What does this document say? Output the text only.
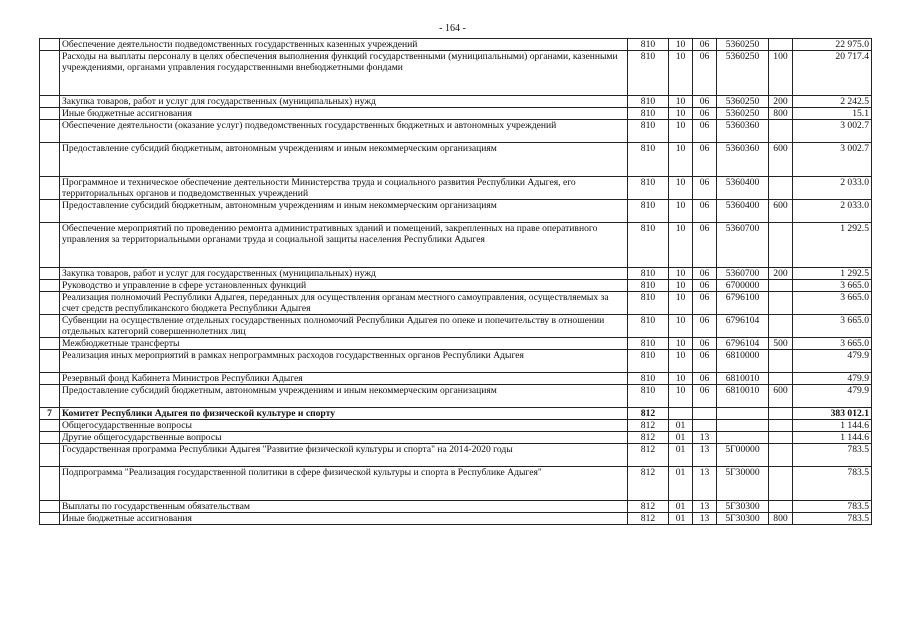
- 164 -
	Обеспечение деятельности подведомственных государственных казенных учреждений	810	10	06	5360250		22 975.0
	Расходы на выплаты персоналу в целях обеспечения выполнения функций государственными (муниципальными) органами, казенными учреждениями, органами управления государственными внебюджетными фондами	810	10	06	5360250	100	20 717.4
	Закупка товаров, работ и услуг для государственных (муниципальных) нужд	810	10	06	5360250	200	2 242.5
	Иные бюджетные ассигнования	810	10	06	5360250	800	15.1
	Обеспечение деятельности (оказание услуг) подведомственных государственных бюджетных и автономных учреждений	810	10	06	5360360		3 002.7
	Предоставление субсидий бюджетным, автономным учреждениям и иным некоммерческим организациям	810	10	06	5360360	600	3 002.7
	Программное и техническое обеспечение деятельности Министерства труда и социального развития Республики Адыгея, его территориальных органов и подведомственных учреждений	810	10	06	5360400		2 033.0
	Предоставление субсидий бюджетным, автономным учреждениям и иным некоммерческим организациям	810	10	06	5360400	600	2 033.0
	Обеспечение мероприятий по проведению ремонта административных зданий и помещений, закрепленных на праве оперативного управления за территориальными органами труда и социальной защиты населения Республики Адыгея	810	10	06	5360700		1 292.5
	Закупка товаров, работ и услуг для государственных (муниципальных) нужд	810	10	06	5360700	200	1 292.5
	Руководство и управление в сфере установленных функций	810	10	06	6700000		3 665.0
	Реализация полномочий Республики Адыгея, переданных для осуществления органам местного самоуправления, осуществляемых за счет средств республиканского бюджета Республики Адыгея	810	10	06	6796100		3 665.0
	Субвенции на осуществление отдельных государственных полномочий Республики Адыгея по опеке и попечительству в отношении отдельных категорий совершеннолетних лиц	810	10	06	6796104		3 665.0
	Межбюджетные трансферты	810	10	06	6796104	500	3 665.0
	Реализация иных мероприятий в рамках непрограммных расходов государственных органов Республики Адыгея	810	10	06	6810000		479.9
	Резервный фонд Кабинета Министров Республики Адыгея	810	10	06	6810010		479.9
	Предоставление субсидий бюджетным, автономным учреждениям и иным некоммерческим организациям	810	10	06	6810010	600	479.9
7	Комитет Республики Адыгея по физической культуре и спорту	812					383 012.1
	Общегосударственные вопросы	812	01				1 144.6
	Другие общегосударственные вопросы	812	01	13			1 144.6
	Государственная программа Республики Адыгея "Развитие физической культуры и спорта" на 2014-2020 годы	812	01	13	5Г00000		783.5
	Подпрограмма "Реализация государственной политики в сфере физической культуры и спорта в Республике Адыгея"	812	01	13	5Г30000		783.5
	Выплаты по государственным обязательствам	812	01	13	5Г30300		783.5
	Иные бюджетные ассигнования	812	01	13	5Г30300	800	783.5
